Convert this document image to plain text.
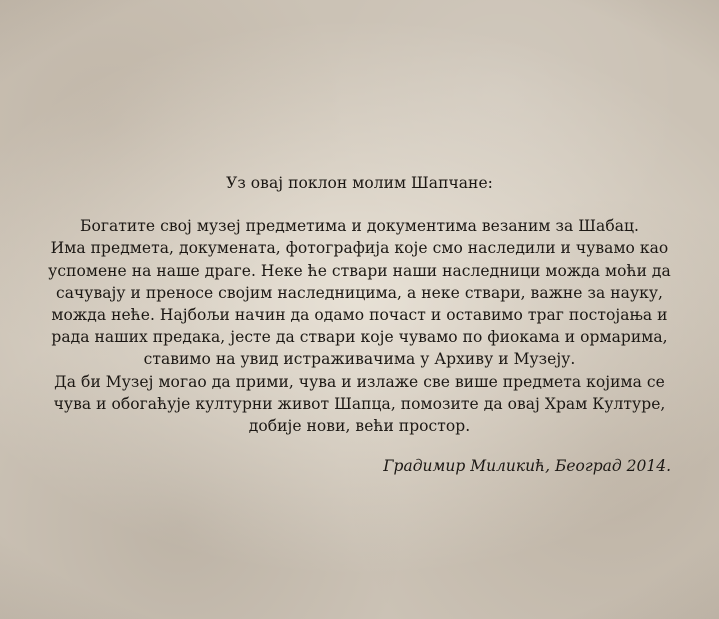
Уз овај поклон молим Шапчане:
Богатите свој музеј предметима и документима везаним за Шабац.
Има предмета, докумената, фотографија које смо наследили и чувамо као
успомене на наше драге. Неке ће ствари наши наследници можда моћи да
сачувају и преносе својим наследницима, а неке ствари, важне за науку,
можда неће. Најбољи начин да одамо почаст и оставимо траг постојања и
рада наших предака, јесте да ствари које чувамо по фиокама и ормарима,
ставимо на увид истраживачима у Архиву и Музеју.
Да би Музеј могао да прими, чува и излаже све више предмета којима се
чува и обогаћује културни живот Шапца, помозите да овај Храм Културе,
добије нови, већи простор.
Градимир Миликић, Београд 2014.
